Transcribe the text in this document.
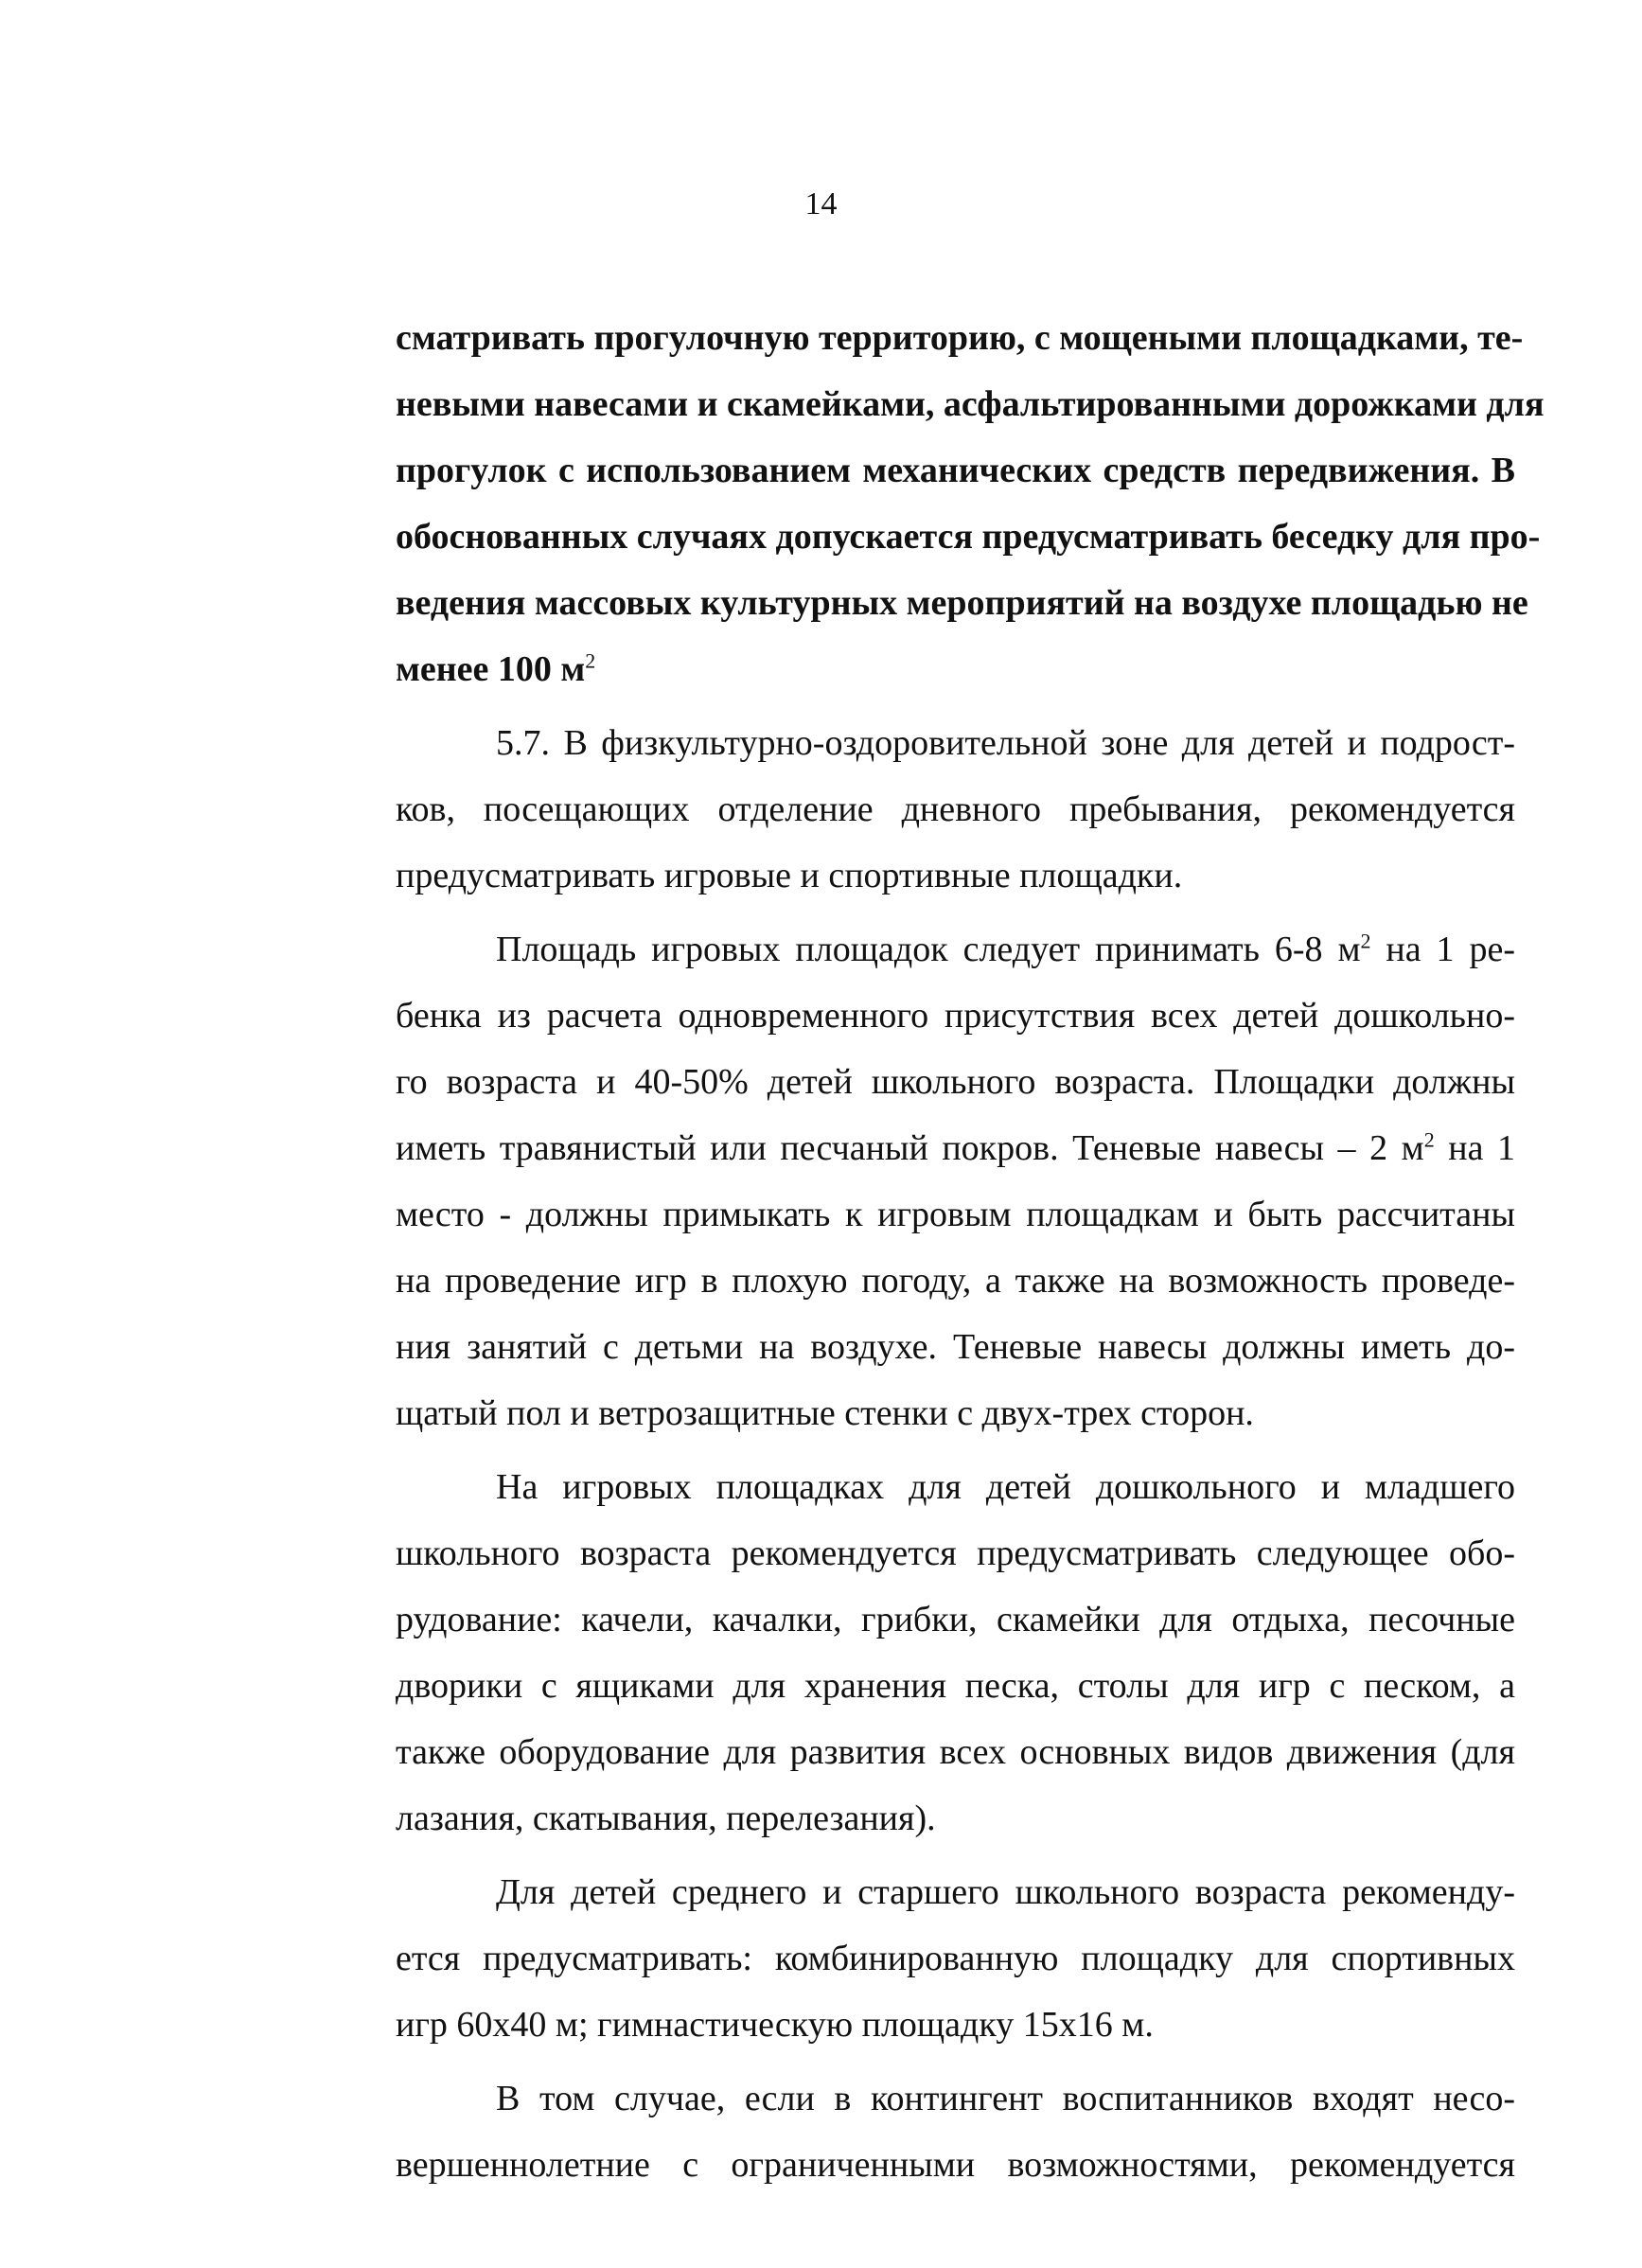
14
сматривать прогулочную территорию, с мощеными площадками, те-
невыми навесами и скамейками, асфальтированными дорожками для
прогулок с использованием механических средств передвижения. В
обоснованных случаях допускается предусматривать беседку для про-
ведения массовых культурных мероприятий на воздухе площадью не
менее 100 $м^2$
5.7. В физкультурно-оздоровительной зоне для детей и подрост-
ков, посещающих отделение дневного пребывания, рекомендуется
предусматривать игровые и спортивные площадки.
Площадь игровых площадок следует принимать 6-8 $м^2$ на 1 ре-
бенка из расчета одновременного присутствия всех детей дошкольно-
го возраста и 40-50% детей школьного возраста. Площадки должны
иметь травянистый или песчаный покров. Теневые навесы – 2 $м^2$ на 1
место - должны примыкать к игровым площадкам и быть рассчитаны
на проведение игр в плохую погоду, а также на возможность проведе-
ния занятий с детьми на воздухе. Теневые навесы должны иметь до-
щатый пол и ветрозащитные стенки с двух-трех сторон.
На игровых площадках для детей дошкольного и младшего
школьного возраста рекомендуется предусматривать следующее обо-
рудование: качели, качалки, грибки, скамейки для отдыха, песочные
дворики с ящиками для хранения песка, столы для игр с песком, а
также оборудование для развития всех основных видов движения (для
лазания, скатывания, перелезания).
Для детей среднего и старшего школьного возраста рекоменду-
ется предусматривать: комбинированную площадку для спортивных
игр 60х40 м; гимнастическую площадку 15х16 м.
В том случае, если в контингент воспитанников входят несо-
вершеннолетние с ограниченными возможностями, рекомендуется
